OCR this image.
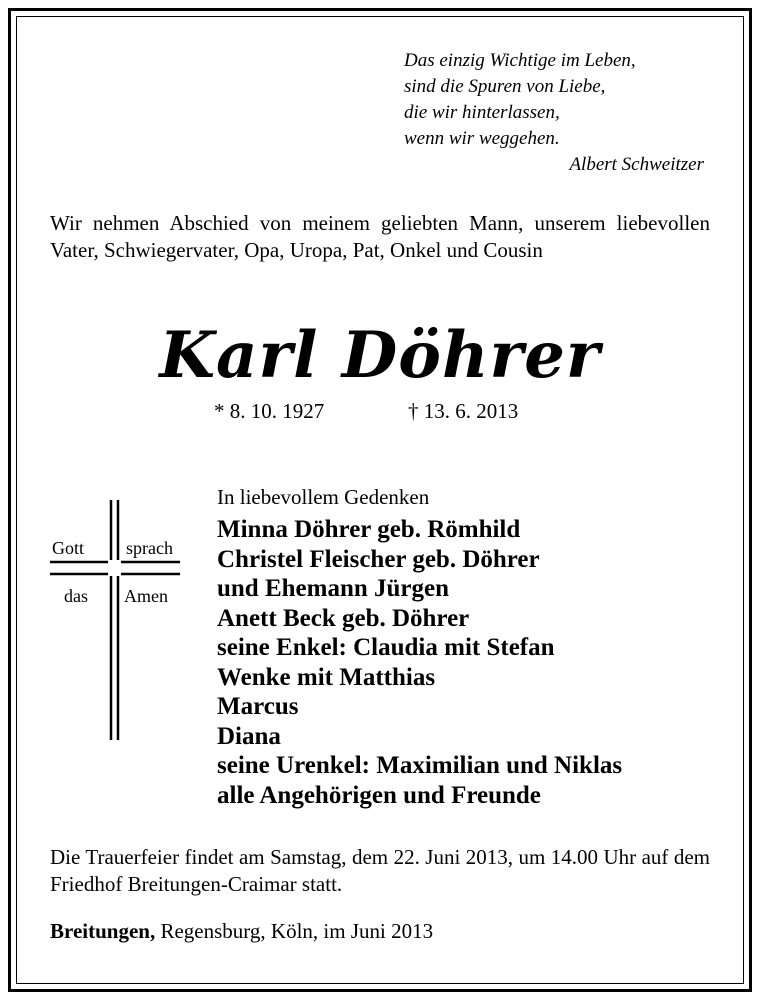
Das einzig Wichtige im Leben,
sind die Spuren von Liebe,
die wir hinterlassen,
wenn wir weggehen.
Albert Schweitzer
Wir nehmen Abschied von meinem geliebten Mann, unserem liebevollen Vater, Schwiegervater, Opa, Uropa, Pat, Onkel und Cousin
Karl Döhrer
* 8. 10. 1927	† 13. 6. 2013
Gott sprach
das Amen
In liebevollem Gedenken
Minna Döhrer geb. Römhild
Christel Fleischer geb. Döhrer
und Ehemann Jürgen
Anett Beck geb. Döhrer
seine Enkel: Claudia mit Stefan
Wenke mit Matthias
Marcus
Diana
seine Urenkel: Maximilian und Niklas
alle Angehörigen und Freunde
Die Trauerfeier findet am Samstag, dem 22. Juni 2013, um 14.00 Uhr auf dem Friedhof Breitungen-Craimar statt.
Breitungen, Regensburg, Köln, im Juni 2013
